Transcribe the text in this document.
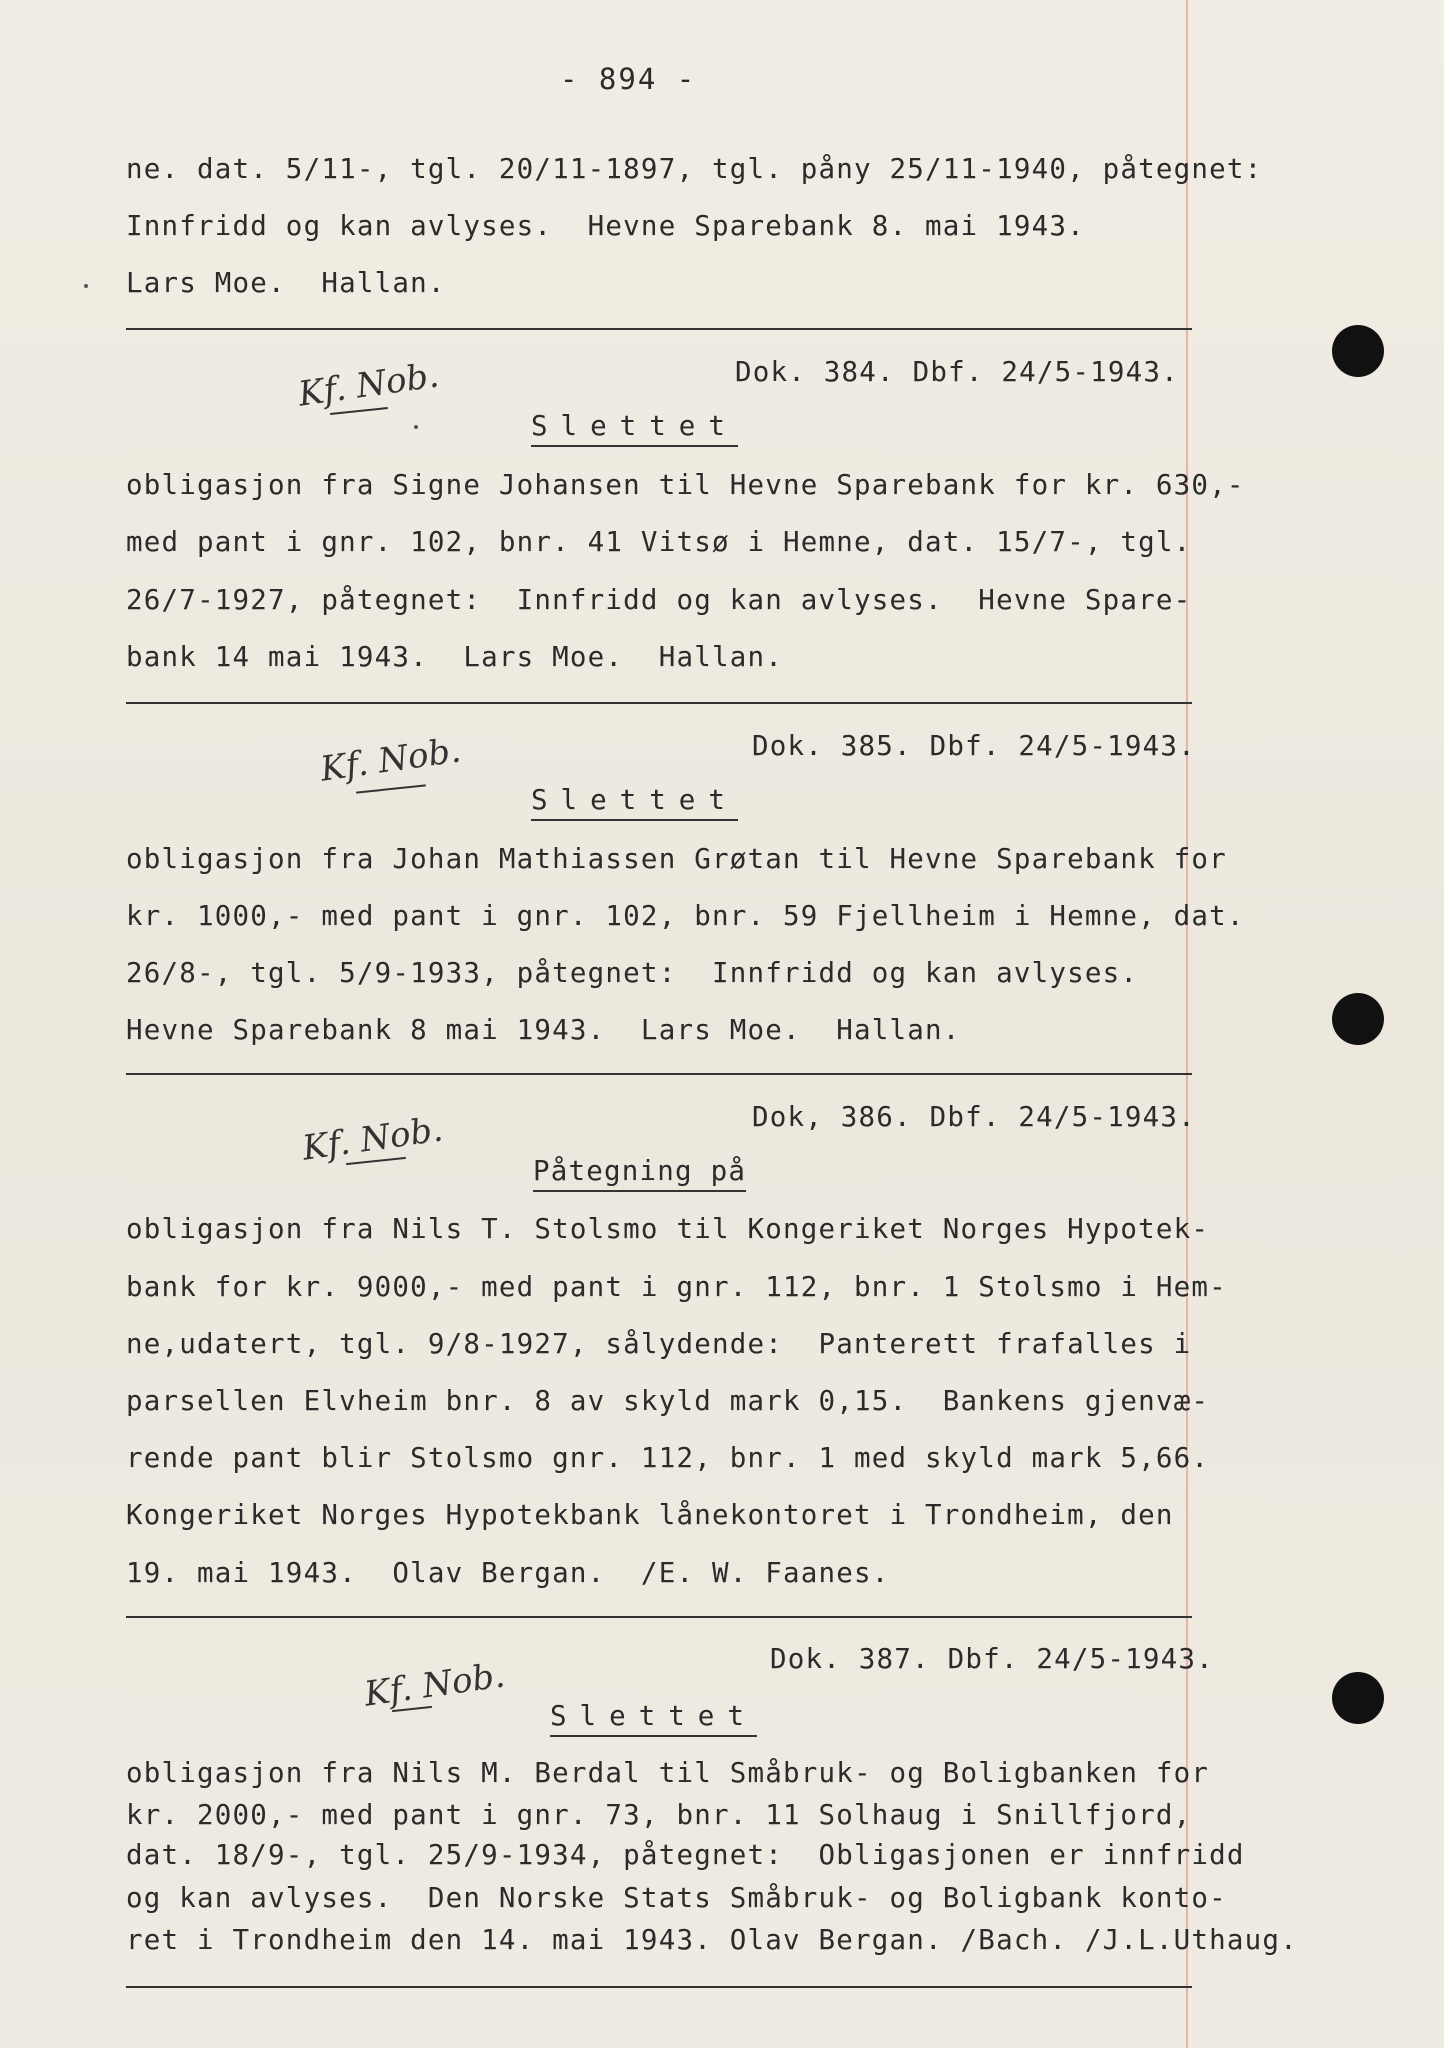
- 894 -
ne. dat. 5/11-, tgl. 20/11-1897, tgl. påny 25/11-1940, påtegnet:
Innfridd og kan avlyses.  Hevne Sparebank 8. mai 1943.
Lars Moe.  Hallan.
Dok. 384. Dbf. 24/5-1943.
Kf. Nob.
Slettet
obligasjon fra Signe Johansen til Hevne Sparebank for kr. 630,-
med pant i gnr. 102, bnr. 41 Vitsø i Hemne, dat. 15/7-, tgl.
26/7-1927, påtegnet:  Innfridd og kan avlyses.  Hevne Spare-
bank 14 mai 1943.  Lars Moe.  Hallan.
Dok. 385. Dbf. 24/5-1943.
Kf. Nob.
Slettet
obligasjon fra Johan Mathiassen Grøtan til Hevne Sparebank for
kr. 1000,- med pant i gnr. 102, bnr. 59 Fjellheim i Hemne, dat.
26/8-, tgl. 5/9-1933, påtegnet:  Innfridd og kan avlyses.
Hevne Sparebank 8 mai 1943.  Lars Moe.  Hallan.
Dok, 386. Dbf. 24/5-1943.
Kf. Nob.
Påtegning på
obligasjon fra Nils T. Stolsmo til Kongeriket Norges Hypotek-
bank for kr. 9000,- med pant i gnr. 112, bnr. 1 Stolsmo i Hem-
ne,udatert, tgl. 9/8-1927, sålydende:  Panterett frafalles i
parsellen Elvheim bnr. 8 av skyld mark 0,15.  Bankens gjenvæ-
rende pant blir Stolsmo gnr. 112, bnr. 1 med skyld mark 5,66.
Kongeriket Norges Hypotekbank lånekontoret i Trondheim, den
19. mai 1943.  Olav Bergan.  /E. W. Faanes.
Dok. 387. Dbf. 24/5-1943.
Kf. Nob.
Slettet
obligasjon fra Nils M. Berdal til Småbruk- og Boligbanken for
kr. 2000,- med pant i gnr. 73, bnr. 11 Solhaug i Snillfjord,
dat. 18/9-, tgl. 25/9-1934, påtegnet:  Obligasjonen er innfridd
og kan avlyses.  Den Norske Stats Småbruk- og Boligbank konto-
ret i Trondheim den 14. mai 1943. Olav Bergan. /Bach. /J.L.Uthaug.
